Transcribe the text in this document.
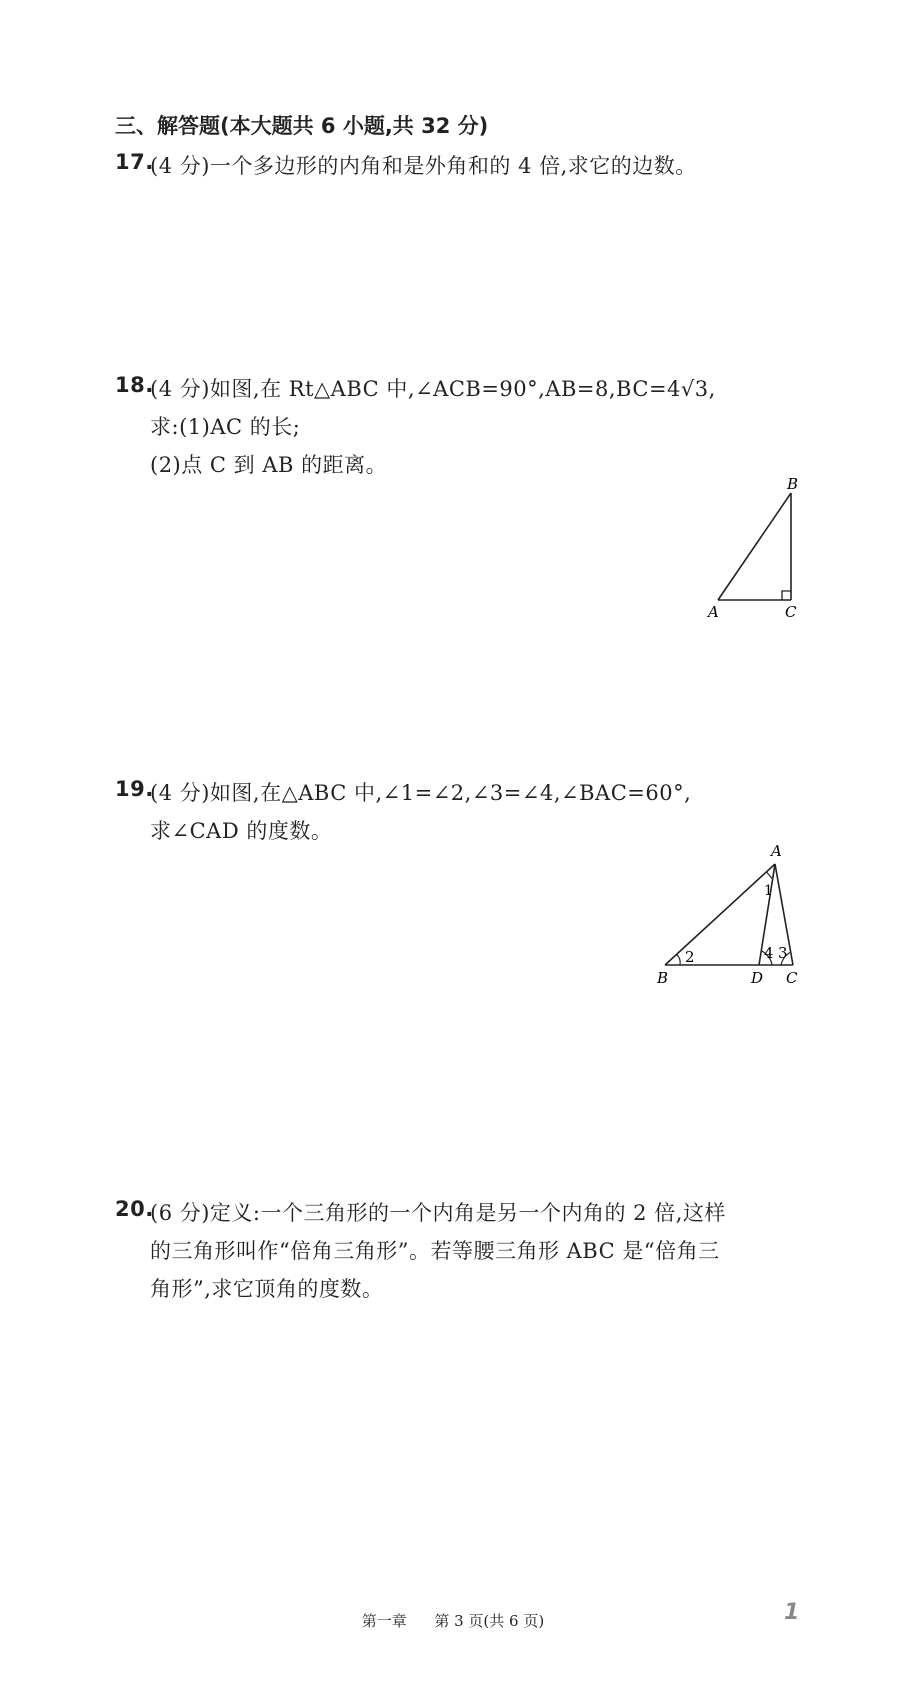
三、解答题(本大题共 6 小题,共 32 分)
17.
(4 分)一个多边形的内角和是外角和的 4 倍,求它的边数。
18.
(4 分)如图,在 Rt△ABC 中,∠ACB=90°,AB=8,BC=4√3,
求:(1)AC 的长;
(2)点 C 到 AB 的距离。
B
A	C
19.
(4 分)如图,在△ABC 中,∠1=∠2,∠3=∠4,∠BAC=60°,
求∠CAD 的度数。
A
B	D C
1
2	4 3
20.
(6 分)定义:一个三角形的一个内角是另一个内角的 2 倍,这样
的三角形叫作“倍角三角形”。若等腰三角形 ABC 是“倍角三
角形”,求它顶角的度数。
第一章 第 3 页(共 6 页)	1
